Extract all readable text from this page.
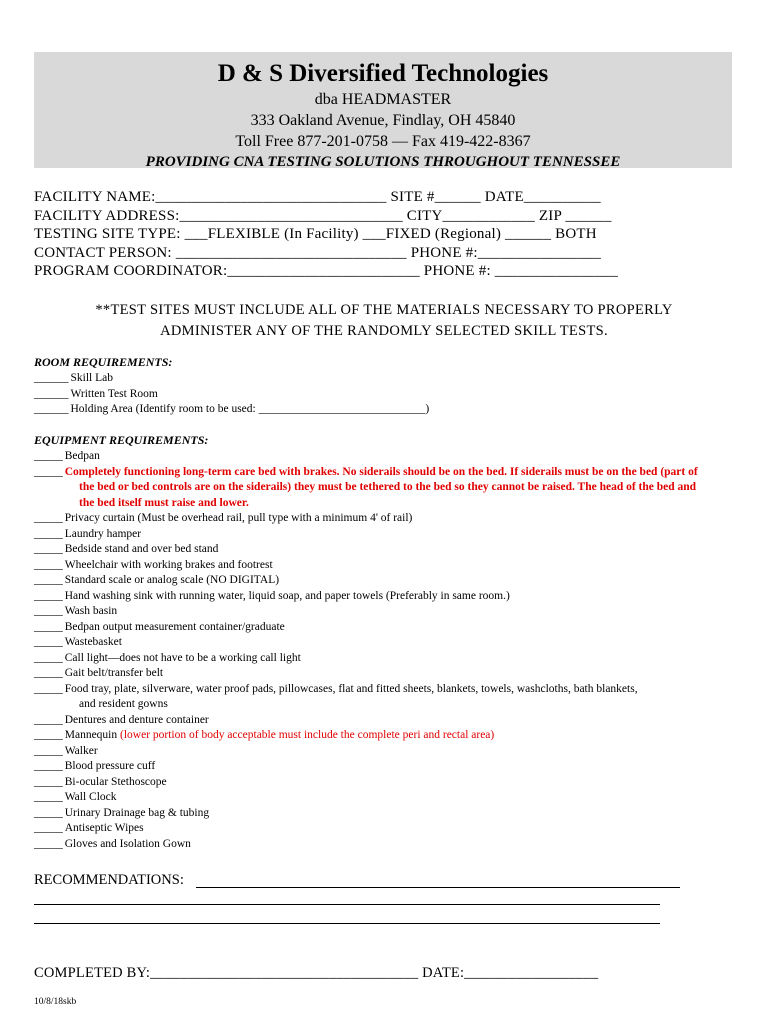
D & S Diversified Technologies
dba HEADMASTER
333 Oakland Avenue, Findlay, OH 45840
Toll Free 877-201-0758 — Fax 419-422-8367
PROVIDING CNA TESTING SOLUTIONS THROUGHOUT TENNESSEE
FACILITY NAME:______________________________ SITE #______ DATE__________
FACILITY ADDRESS:_____________________________ CITY____________ ZIP ______
TESTING SITE TYPE: ___FLEXIBLE (In Facility) ___FIXED (Regional) ______ BOTH
CONTACT PERSON: ______________________________ PHONE #:________________
PROGRAM COORDINATOR:_________________________ PHONE #: ________________
**TEST SITES MUST INCLUDE ALL OF THE MATERIALS NECESSARY TO PROPERLY
ADMINISTER ANY OF THE RANDOMLY SELECTED SKILL TESTS.
ROOM REQUIREMENTS:
______ Skill Lab
______ Written Test Room
______ Holding Area (Identify room to be used: _____________________________)
EQUIPMENT REQUIREMENTS:
_____ Bedpan
_____ Completely functioning long-term care bed with brakes. No siderails should be on the bed. If siderails must be on the bed (part of
the bed or bed controls are on the siderails) they must be tethered to the bed so they cannot be raised. The head of the bed and
the bed itself must raise and lower.
_____ Privacy curtain (Must be overhead rail, pull type with a minimum 4' of rail)
_____ Laundry hamper
_____ Bedside stand and over bed stand
_____ Wheelchair with working brakes and footrest
_____ Standard scale or analog scale (NO DIGITAL)
_____ Hand washing sink with running water, liquid soap, and paper towels (Preferably in same room.)
_____ Wash basin
_____ Bedpan output measurement container/graduate
_____ Wastebasket
_____ Call light—does not have to be a working call light
_____ Gait belt/transfer belt
_____ Food tray, plate, silverware, water proof pads, pillowcases, flat and fitted sheets, blankets, towels, washcloths, bath blankets,
and resident gowns
_____ Dentures and denture container
_____ Mannequin (lower portion of body acceptable must include the complete peri and rectal area)
_____ Walker
_____ Blood pressure cuff
_____ Bi-ocular Stethoscope
_____ Wall Clock
_____ Urinary Drainage bag & tubing
_____ Antiseptic Wipes
_____ Gloves and Isolation Gown
RECOMMENDATIONS:
COMPLETED BY:____________________________________ DATE:__________________
10/8/18skb
